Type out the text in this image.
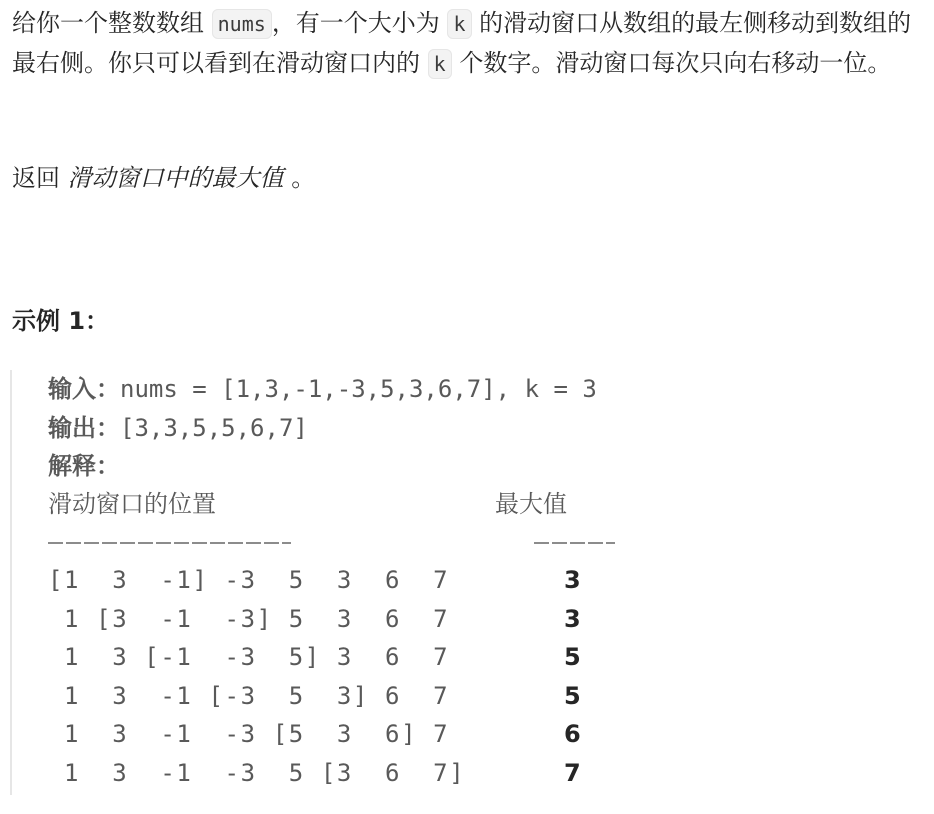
给你一个整数数组 nums ，有一个大小为 k 的滑动窗口从数组的最左侧移动到数组的最右侧。你只可以看到在滑动窗口内的 k 个数字。滑动窗口每次只向右移动一位。

返回 滑动窗口中的最大值 。

示例 1：
输入：nums = [1,3,-1,-3,5,3,6,7], k = 3
输出：[3,3,5,5,6,7]
解释：
滑动窗口的位置	最大值
[1  3  -1] -3  5  3  6  7	3
1 [3  -1  -3] 5  3  6  7	3
1  3 [-1  -3  5] 3  6  7	5
1  3  -1 [-3  5  3] 6  7	5
1  3  -1  -3 [5  3  6] 7	6
1  3  -1  -3  5 [3  6  7]	7
